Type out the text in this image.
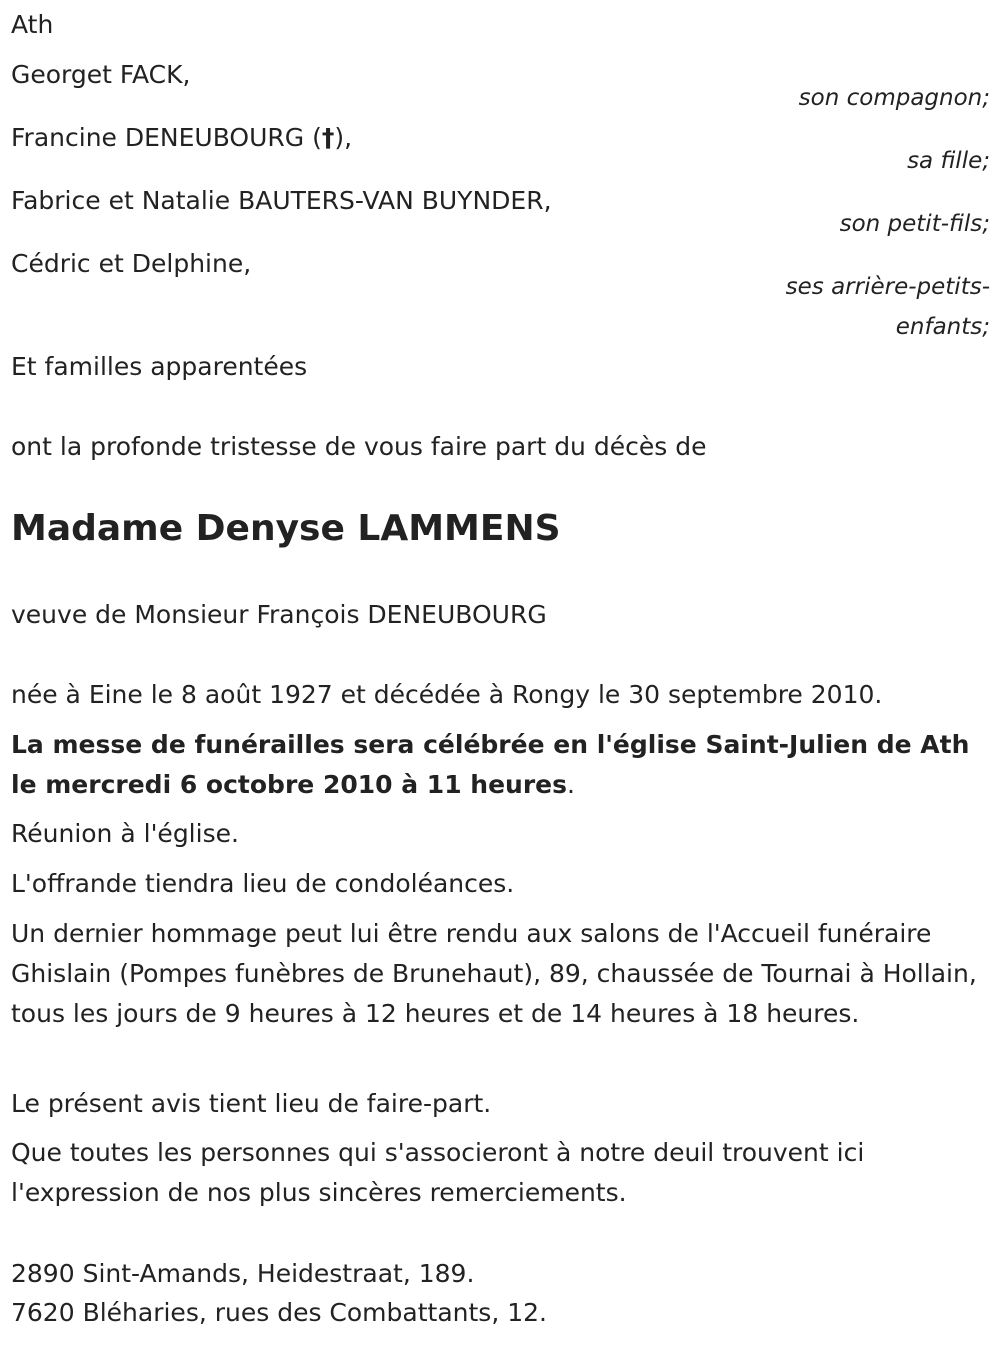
Ath

Georget FACK,

son compagnon;

Francine DENEUBOURG (†),

sa fille;

Fabrice et Natalie BAUTERS-VAN BUYNDER,

son petit-fils;

Cédric et Delphine,

ses arrière-petits-enfants;

Et familles apparentées

ont la profonde tristesse de vous faire part du décès de

Madame Denyse LAMMENS

veuve de Monsieur François DENEUBOURG

née à Eine le 8 août 1927 et décédée à Rongy le 30 septembre 2010.

La messe de funérailles sera célébrée en l'église Saint-Julien de Ath le mercredi 6 octobre 2010 à 11 heures.

Réunion à l'église.

L'offrande tiendra lieu de condoléances.

Un dernier hommage peut lui être rendu aux salons de l'Accueil funéraire Ghislain (Pompes funèbres de Brunehaut), 89, chaussée de Tournai à Hollain, tous les jours de 9 heures à 12 heures et de 14 heures à 18 heures.

Le présent avis tient lieu de faire-part.

Que toutes les personnes qui s'associeront à notre deuil trouvent ici l'expression de nos plus sincères remerciements.

2890 Sint-Amands, Heidestraat, 189.

7620 Bléharies, rues des Combattants, 12.
